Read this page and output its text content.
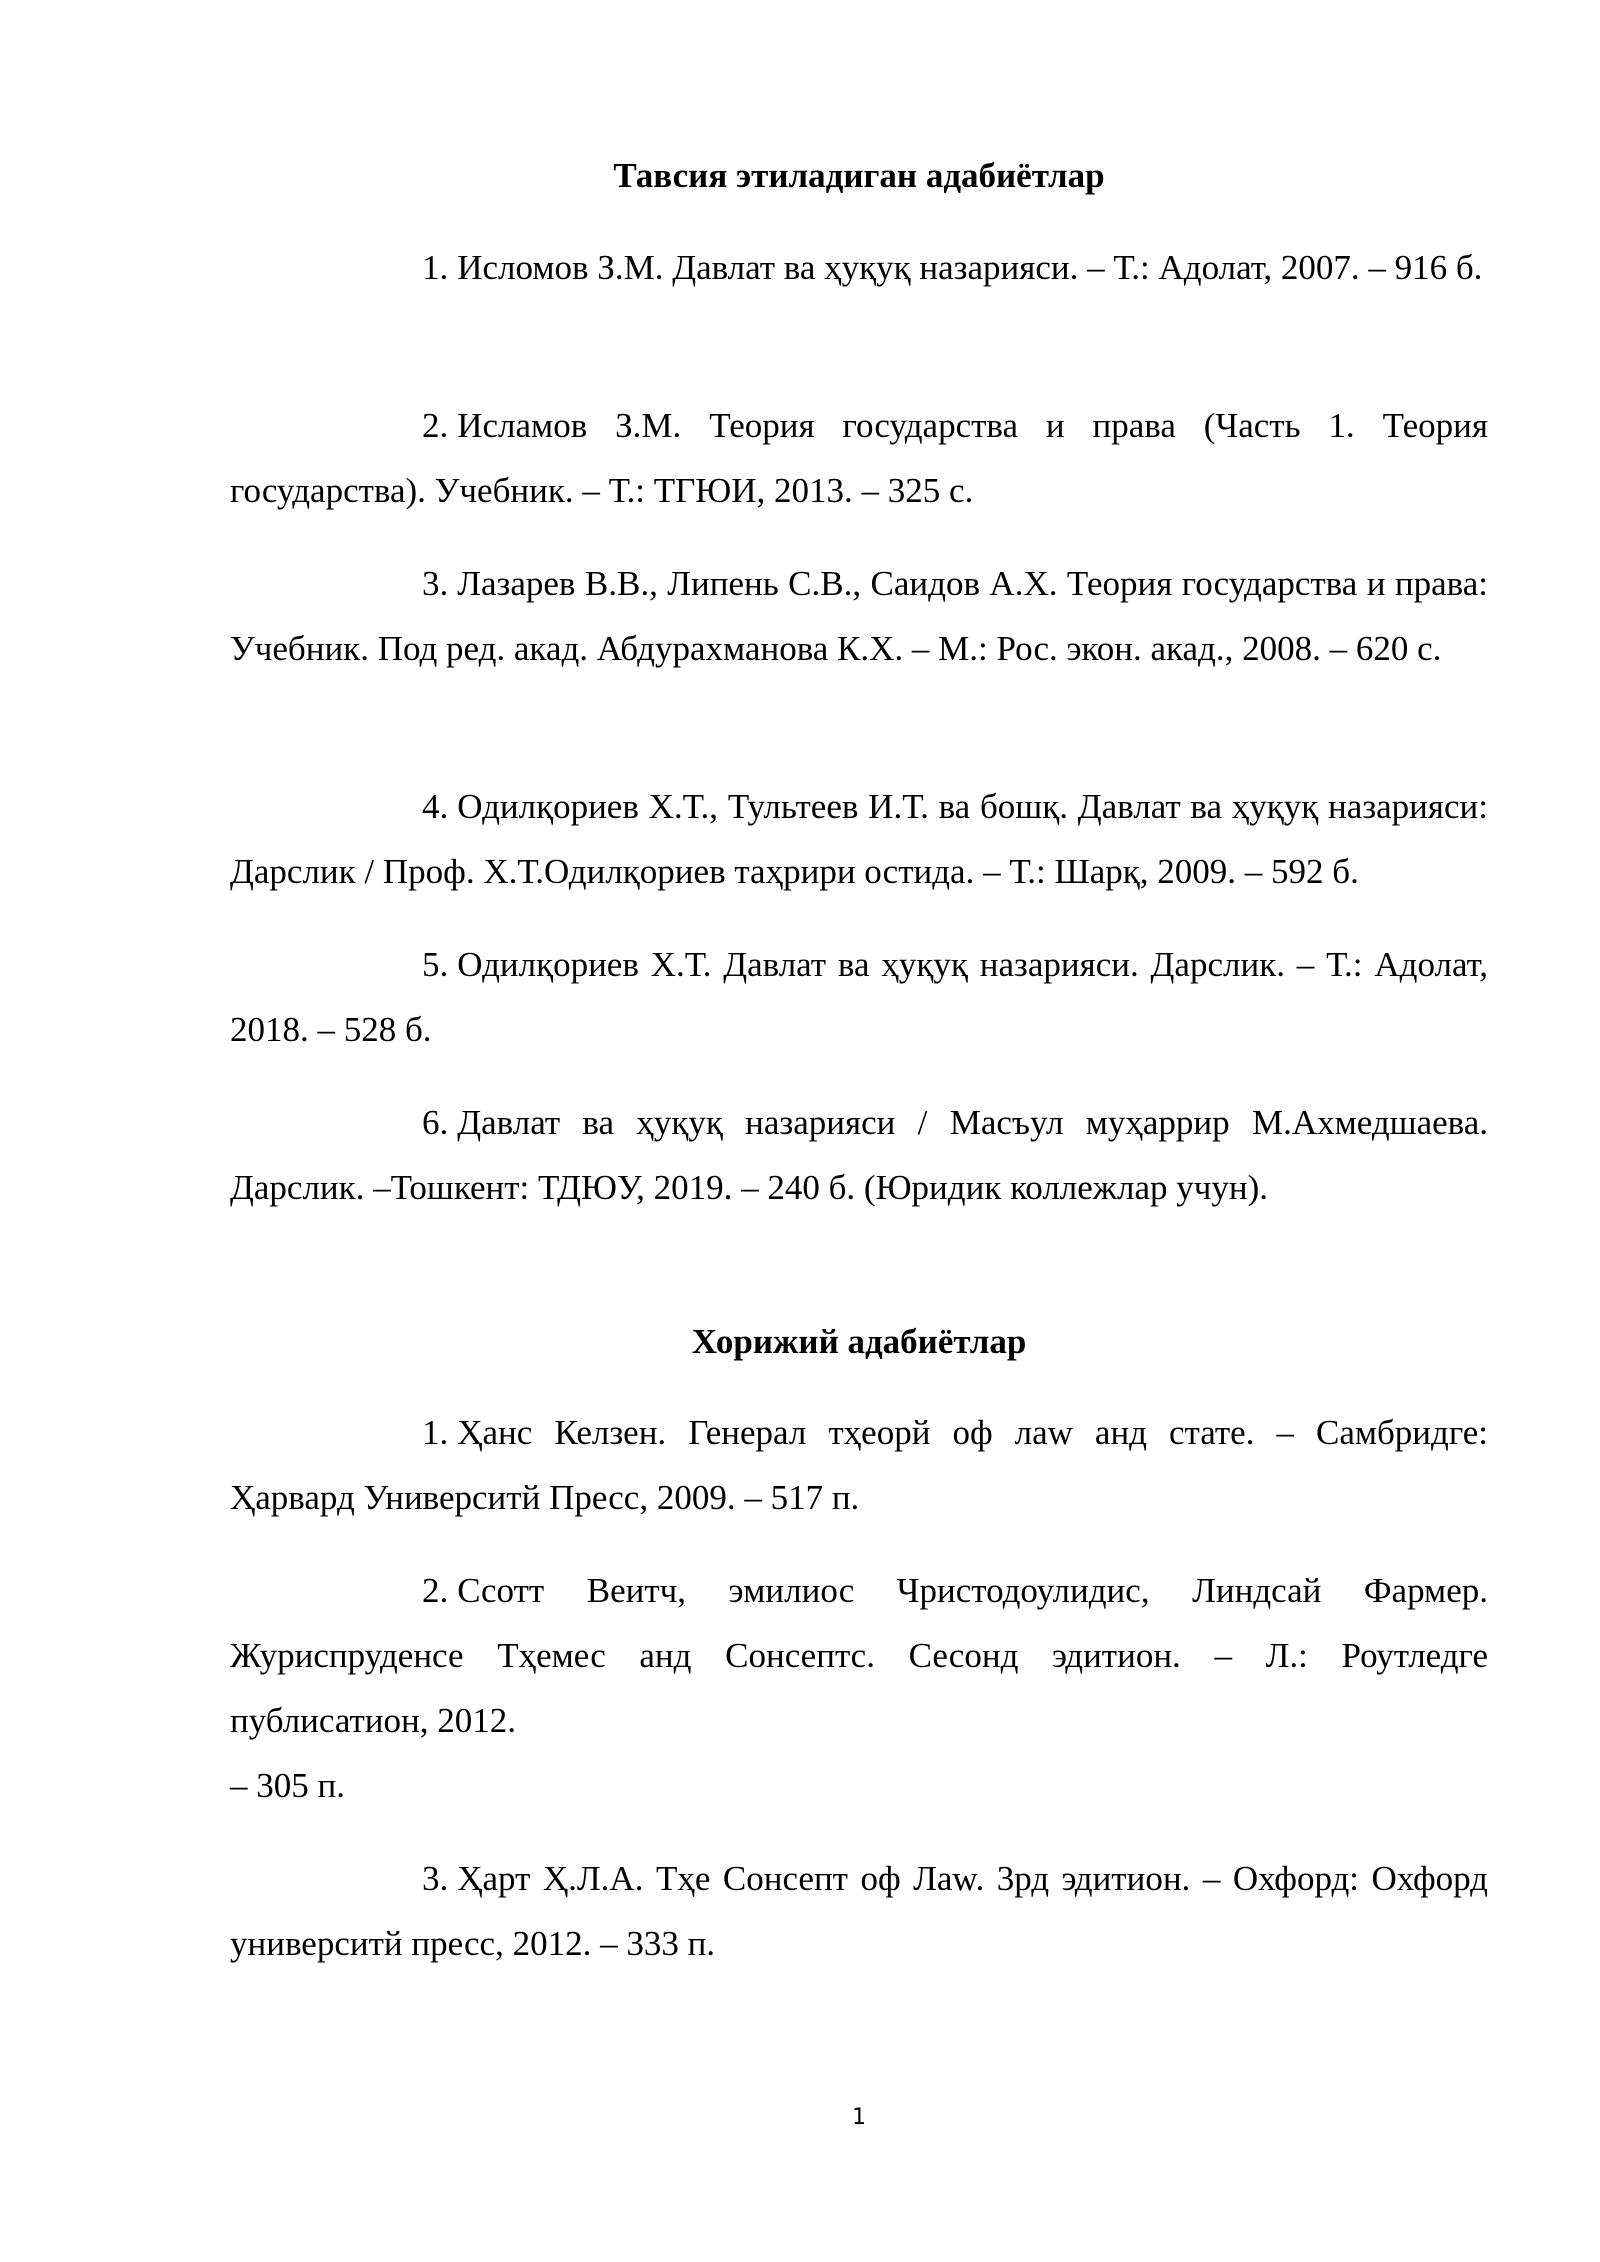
Тавсия этиладиган адабиётлар

1. Исломов З.М. Давлат ва ҳуқуқ назарияси. – Т.: Адолат, 2007. – 916 б.

2. Исламов З.М. Теория государства и права (Часть 1. Теория государства). Учебник. – Т.: ТГЮИ, 2013. – 325 с.

3. Лазарев В.В., Липень С.В., Саидов А.Х. Теория государства и права: Учебник. Под ред. акад. Абдурахманова К.Х. – М.: Рос. экон. акад., 2008. – 620 с.

4. Одилқориев Х.Т., Тультеев И.Т. ва бошқ. Давлат ва ҳуқуқ назарияси: Дарслик / Проф. Х.Т.Одилқориев таҳрири остида. – Т.: Шарқ, 2009. – 592 б.

5. Одилқориев Х.Т. Давлат ва ҳуқуқ назарияси. Дарслик. – Т.: Адолат, 2018. – 528 б.

6. Давлат ва ҳуқуқ назарияси / Масъул муҳаррир М.Ахмедшаева. Дарслик. –Тошкент: ТДЮУ, 2019. – 240 б. (Юридик коллежлар учун).

Хорижий адабиётлар

1. Ҳанс Келзен. Генерал тҳеорй оф лаw анд стате. – Самбридге: Ҳарвард Университй Пресс, 2009. – 517 п.

2. Ссотт Веитч, эмилиос Чристодоулидис, Линдсай Фармер. Журиспруденсе Тҳемес анд Сонсептс. Сесонд эдитион. – Л.: Роутледге публисатион, 2012.
– 305 п.

3. Ҳарт Ҳ.Л.А. Тҳе Сонсепт оф Лаw. 3рд эдитион. – Охфорд: Охфорд университй пресс, 2012. – 333 п.

1
